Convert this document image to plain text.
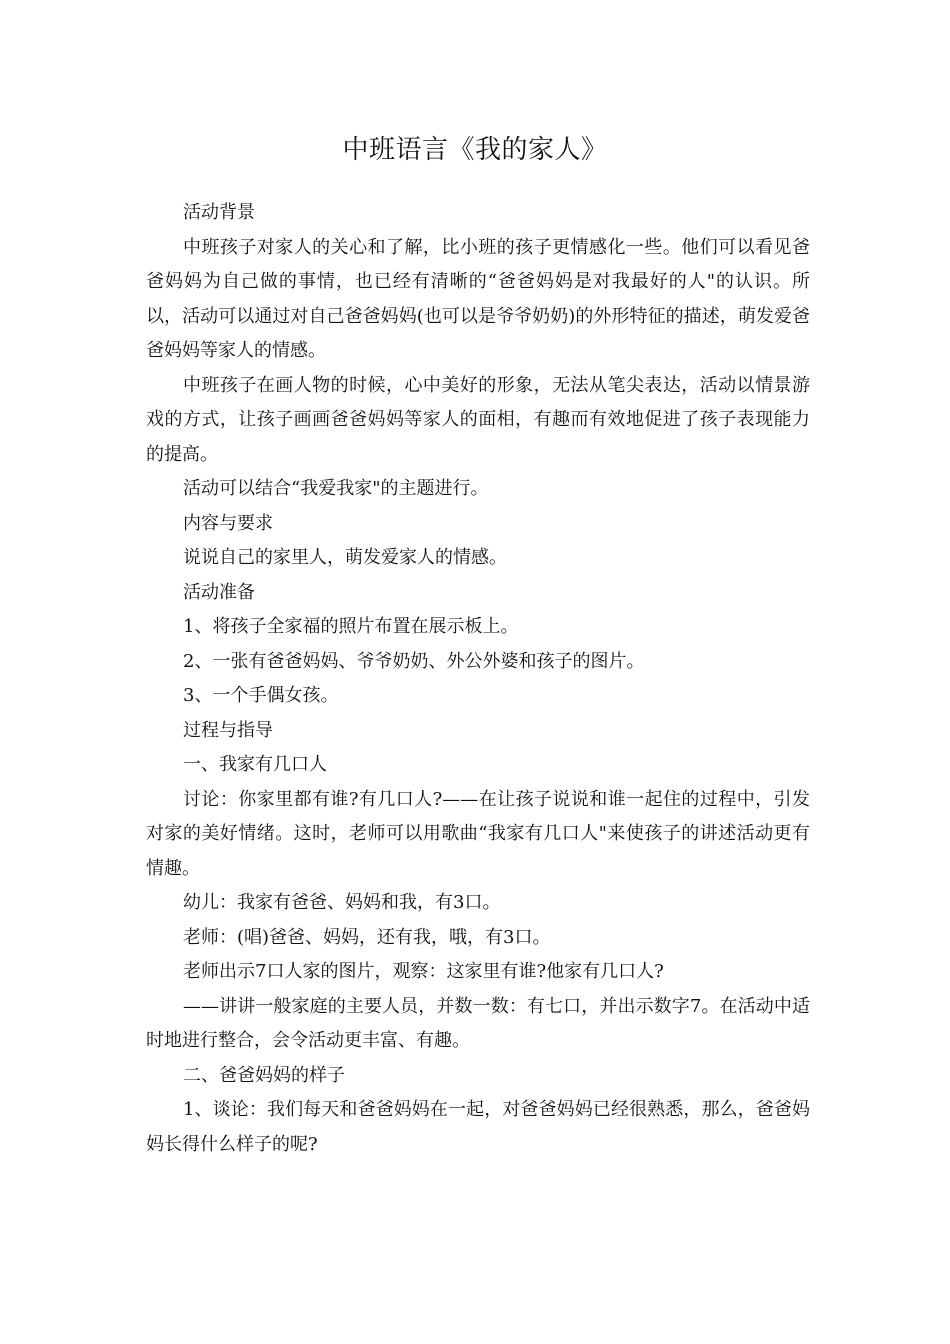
中班语言《我的家人》

活动背景

中班孩子对家人的关心和了解，比小班的孩子更情感化一些。他们可以看见爸爸妈妈为自己做的事情，也已经有清晰的“爸爸妈妈是对我最好的人"的认识。所以，活动可以通过对自己爸爸妈妈(也可以是爷爷奶奶)的外形特征的描述，萌发爱爸爸妈妈等家人的情感。

中班孩子在画人物的时候，心中美好的形象，无法从笔尖表达，活动以情景游戏的方式，让孩子画画爸爸妈妈等家人的面相，有趣而有效地促进了孩子表现能力的提高。

活动可以结合“我爱我家"的主题进行。

内容与要求

说说自己的家里人，萌发爱家人的情感。

活动准备

1、将孩子全家福的照片布置在展示板上。

2、一张有爸爸妈妈、爷爷奶奶、外公外婆和孩子的图片。

3、一个手偶女孩。

过程与指导

一、我家有几口人

讨论：你家里都有谁?有几口人?——在让孩子说说和谁一起住的过程中，引发对家的美好情绪。这时，老师可以用歌曲“我家有几口人"来使孩子的讲述活动更有情趣。

幼儿：我家有爸爸、妈妈和我，有3口。

老师：(唱)爸爸、妈妈，还有我，哦，有3口。

老师出示7口人家的图片，观察：这家里有谁?他家有几口人?

——讲讲一般家庭的主要人员，并数一数：有七口，并出示数字7。在活动中适时地进行整合，会令活动更丰富、有趣。

二、爸爸妈妈的样子

1、谈论：我们每天和爸爸妈妈在一起，对爸爸妈妈已经很熟悉，那么，爸爸妈妈长得什么样子的呢?
